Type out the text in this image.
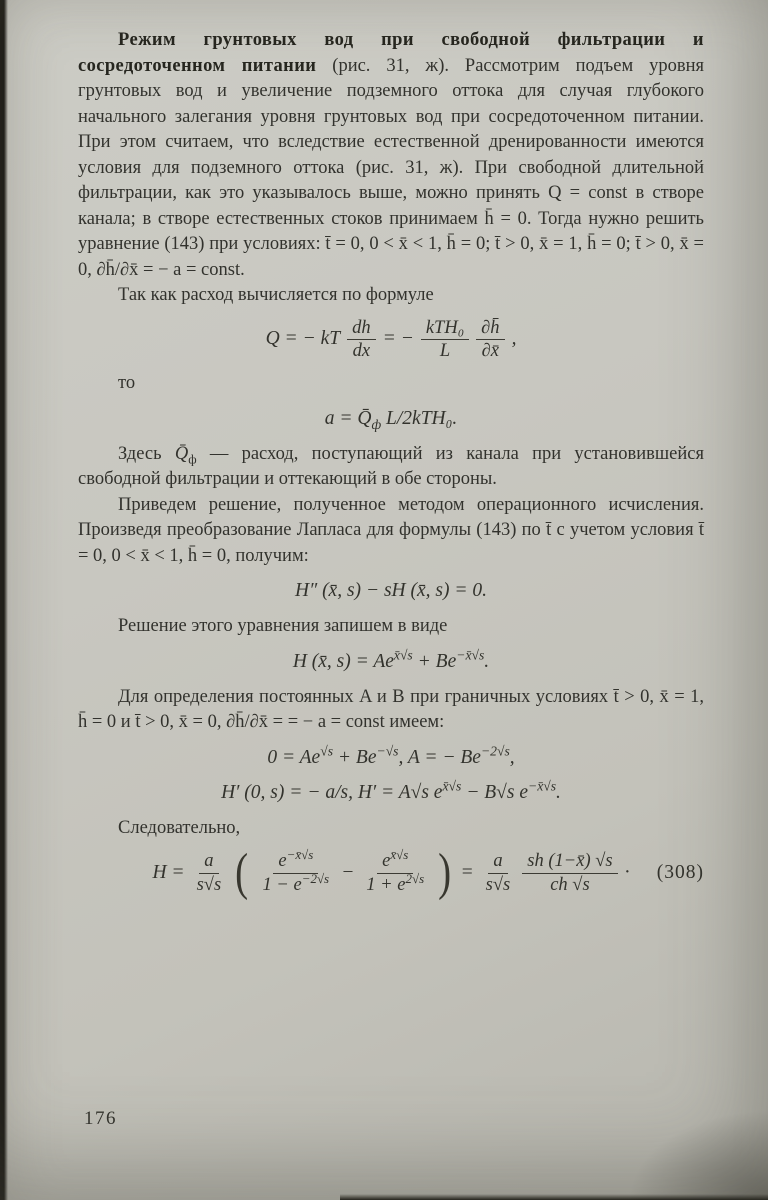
Режим грунтовых вод при свободной фильтрации и сосредоточенном питании (рис. 31, ж). Рассмотрим подъем уровня грунтовых вод и увеличение подземного оттока для случая глубокого начального залегания уровня грунтовых вод при сосредоточенном питании. При этом считаем, что вследствие естественной дренированности имеются условия для подземного оттока (рис. 31, ж). При свободной длительной фильтрации, как это указывалось выше, можно принять Q = const в створе канала; в створе естественных стоков принимаем h̄ = 0. Тогда нужно решить уравнение (143) при условиях: t̄ = 0, 0 < x̄ < 1, h̄ = 0; t̄ > 0, x̄ = 1, h̄ = 0; t̄ > 0, x̄ = 0, ∂h̄/∂x̄ = − a = const.

Так как расход вычисляется по формуле

Q = − kT $\frac{dh}{dx}$ = − $\frac{\text{kTH₀}}{L} \frac{\partial h̄}{\partial x̄}$ ,

то

$a = Q̄_ф$ L/2kTH₀.

Здесь $Q̄_ф$ — расход, поступающий из канала при установившейся свободной фильтрации и оттекающий в обе стороны.

Приведем решение, полученное методом операционного исчисления. Произведя преобразование Лапласа для формулы (143) по t̄ с учетом условия t̄ = 0, 0 < x̄ < 1, h̄ = 0, получим:

H″ (x̄, s) − sH (x̄, s) = 0.

Решение этого уравнения запишем в виде

H (x̄, $s) = Ae^{x̄√s} + Be^{-x̄√s}$.

Для определения постоянных A и B при граничных условиях t̄ > 0, x̄ = 1, h̄ = 0 и t̄ > 0, x̄ = 0, ∂h̄/∂x̄ = = − a = const имеем:

$0 = Ae^{√s} + Be^{-√s}$, A = − $Be^{-2√s}$,
H′ (0, s) = − a/s, H′ = A√s $e^{x̄√s} - B√s$ $e^{-x̄√s}$.

Следовательно,

$H = \frac{a}{s√s}$ ( $\frac{e^{-x̄√s}}{1 - e^{-2√s}} - \frac{e^{x̄√s}}{1 + e^{2√s}}$ ) = $\frac{a}{s√s} \frac{sh (1-x̄) √s}{ch √s} \cdot (308)$
176
